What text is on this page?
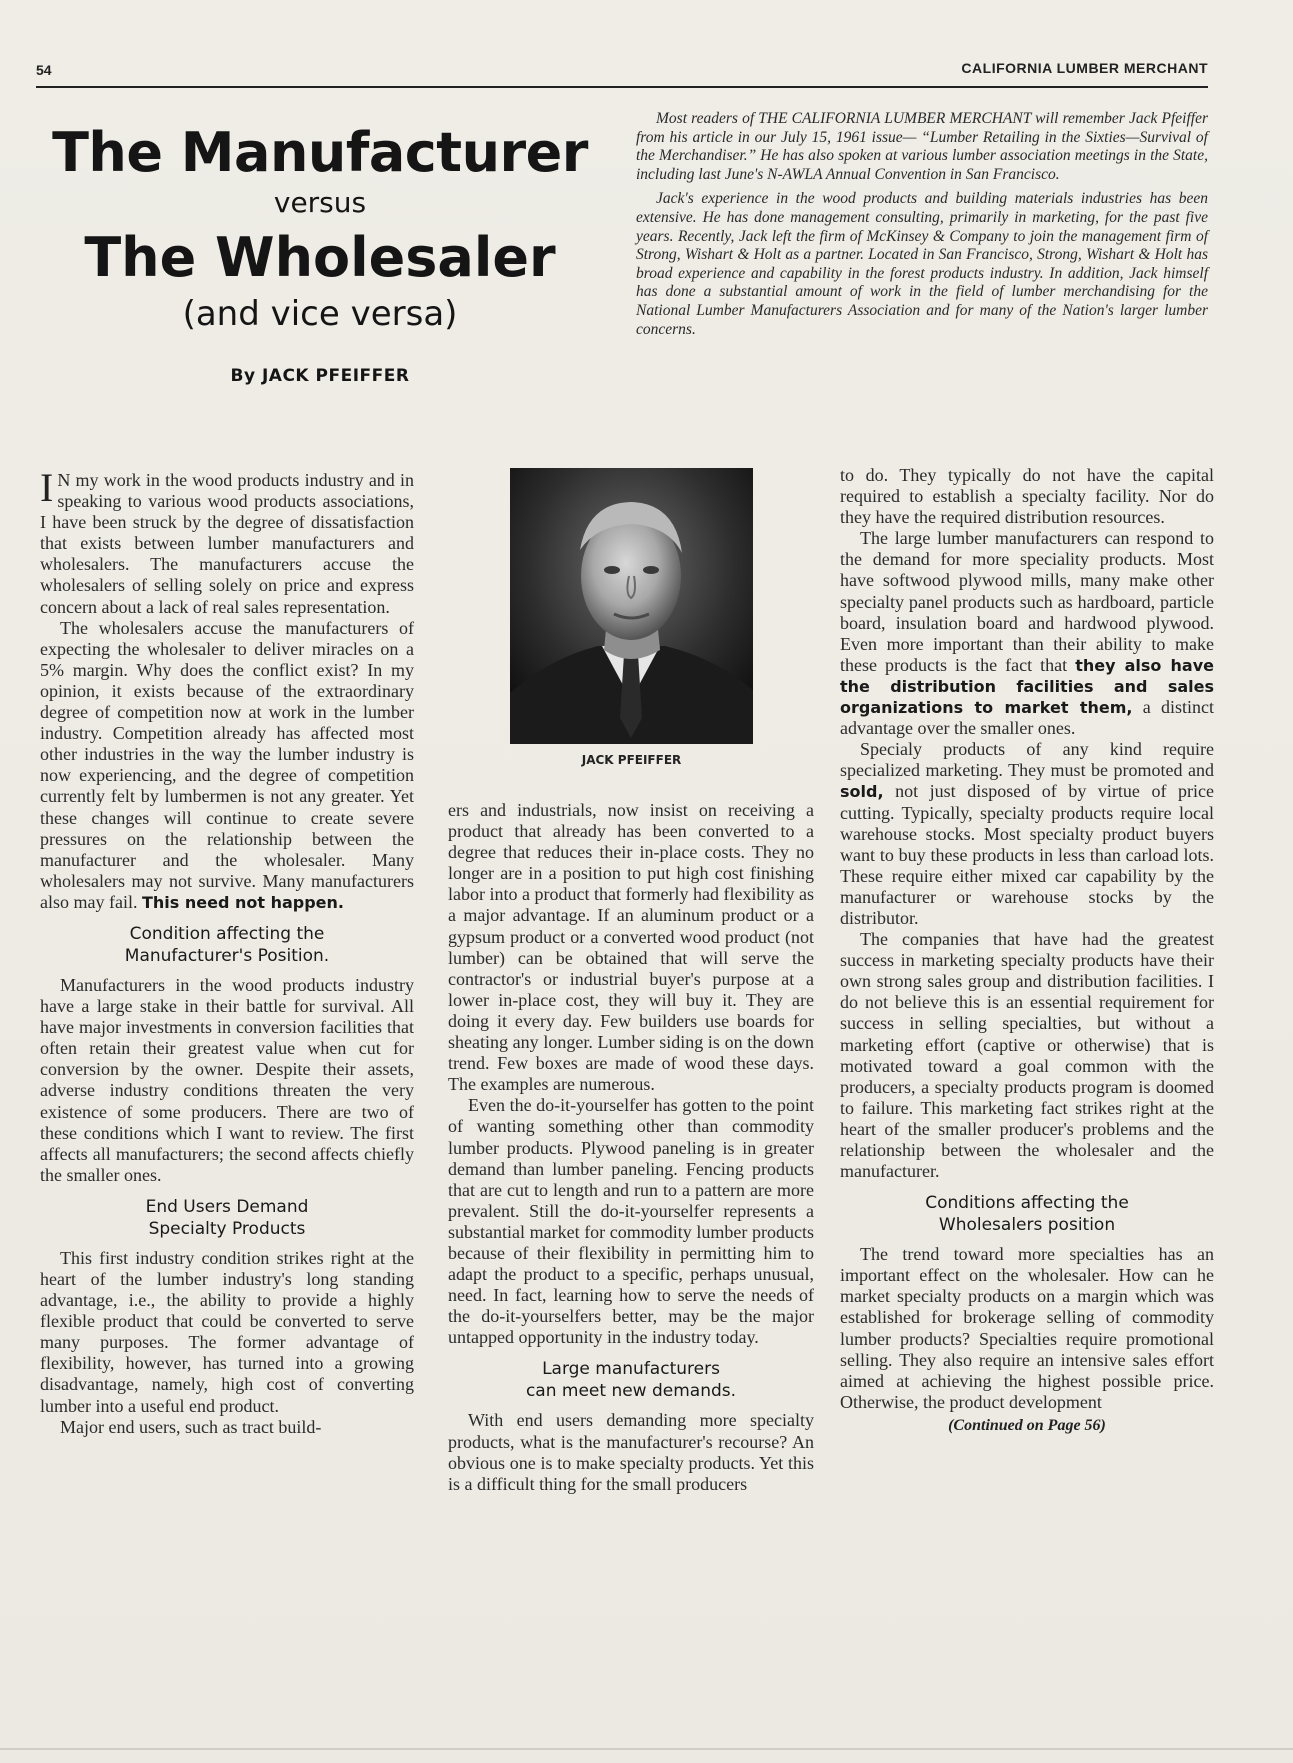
54	CALIFORNIA LUMBER MERCHANT
The Manufacturer
versus
The Wholesaler
(and vice versa)
By JACK PFEIFFER

Most readers of THE CALIFORNIA LUMBER MERCHANT will remember Jack Pfeiffer from his article in our July 15, 1961 issue— “Lumber Retailing in the Sixties—Survival of the Merchandiser.” He has also spoken at various lumber association meetings in the State, including last June's N-AWLA Annual Convention in San Francisco.

Jack's experience in the wood products and building materials industries has been extensive. He has done management consulting, primarily in marketing, for the past five years. Recently, Jack left the firm of McKinsey & Company to join the management firm of Strong, Wishart & Holt as a partner. Located in San Francisco, Strong, Wishart & Holt has broad experience and capability in the forest products industry. In addition, Jack himself has done a substantial amount of work in the field of lumber merchandising for the National Lumber Manufacturers Association and for many of the Nation's larger lumber concerns.

I N my work in the wood products industry and in speaking to various wood products associations, I have been struck by the degree of dissatisfaction that exists between lumber manufacturers and wholesalers. The manufacturers accuse the wholesalers of selling solely on price and express concern about a lack of real sales representation.

The wholesalers accuse the manufacturers of expecting the wholesaler to deliver miracles on a 5% margin. Why does the conflict exist? In my opinion, it exists because of the extraordinary degree of competition now at work in the lumber industry. Competition already has affected most other industries in the way the lumber industry is now experiencing, and the degree of competition currently felt by lumbermen is not any greater. Yet these changes will continue to create severe pressures on the relationship between the manufacturer and the wholesaler. Many wholesalers may not survive. Many manufacturers also may fail. This need not happen.

Condition affecting the
Manufacturer's Position.

Manufacturers in the wood products industry have a large stake in their battle for survival. All have major investments in conversion facilities that often retain their greatest value when cut for conversion by the owner. Despite their assets, adverse industry conditions threaten the very existence of some producers. There are two of these conditions which I want to review. The first affects all manufacturers; the second affects chiefly the smaller ones.

End Users Demand
Specialty Products

This first industry condition strikes right at the heart of the lumber industry's long standing advantage, i.e., the ability to provide a highly flexible product that could be converted to serve many purposes. The former advantage of flexibility, however, has turned into a growing disadvantage, namely, high cost of converting lumber into a useful end product.

Major end users, such as tract build-

JACK PFEIFFER

ers and industrials, now insist on receiving a product that already has been converted to a degree that reduces their in-place costs. They no longer are in a position to put high cost finishing labor into a product that formerly had flexibility as a major advantage. If an aluminum product or a gypsum product or a converted wood product (not lumber) can be obtained that will serve the contractor's or industrial buyer's purpose at a lower in-place cost, they will buy it. They are doing it every day. Few builders use boards for sheating any longer. Lumber siding is on the down trend. Few boxes are made of wood these days. The examples are numerous.

Even the do-it-yourselfer has gotten to the point of wanting something other than commodity lumber products. Plywood paneling is in greater demand than lumber paneling. Fencing products that are cut to length and run to a pattern are more prevalent. Still the do-it-yourselfer represents a substantial market for commodity lumber products because of their flexibility in permitting him to adapt the product to a specific, perhaps unusual, need. In fact, learning how to serve the needs of the do-it-yourselfers better, may be the major untapped opportunity in the industry today.

Large manufacturers
can meet new demands.

With end users demanding more specialty products, what is the manufacturer's recourse? An obvious one is to make specialty products. Yet this is a difficult thing for the small producers

to do. They typically do not have the capital required to establish a specialty facility. Nor do they have the required distribution resources.

The large lumber manufacturers can respond to the demand for more speciality products. Most have softwood plywood mills, many make other specialty panel products such as hardboard, particle board, insulation board and hardwood plywood. Even more important than their ability to make these products is the fact that they also have the distribution facilities and sales organizations to market them, a distinct advantage over the smaller ones.

Specialy products of any kind require specialized marketing. They must be promoted and sold, not just disposed of by virtue of price cutting. Typically, specialty products require local warehouse stocks. Most specialty product buyers want to buy these products in less than carload lots. These require either mixed car capability by the manufacturer or warehouse stocks by the distributor.

The companies that have had the greatest success in marketing specialty products have their own strong sales group and distribution facilities. I do not believe this is an essential requirement for success in selling specialties, but without a marketing effort (captive or otherwise) that is motivated toward a goal common with the producers, a specialty products program is doomed to failure. This marketing fact strikes right at the heart of the smaller producer's problems and the relationship between the wholesaler and the manufacturer.

Conditions affecting the
Wholesalers position

The trend toward more specialties has an important effect on the wholesaler. How can he market specialty products on a margin which was established for brokerage selling of commodity lumber products? Specialties require promotional selling. They also require an intensive sales effort aimed at achieving the highest possible price. Otherwise, the product development

(Continued on Page 56)
